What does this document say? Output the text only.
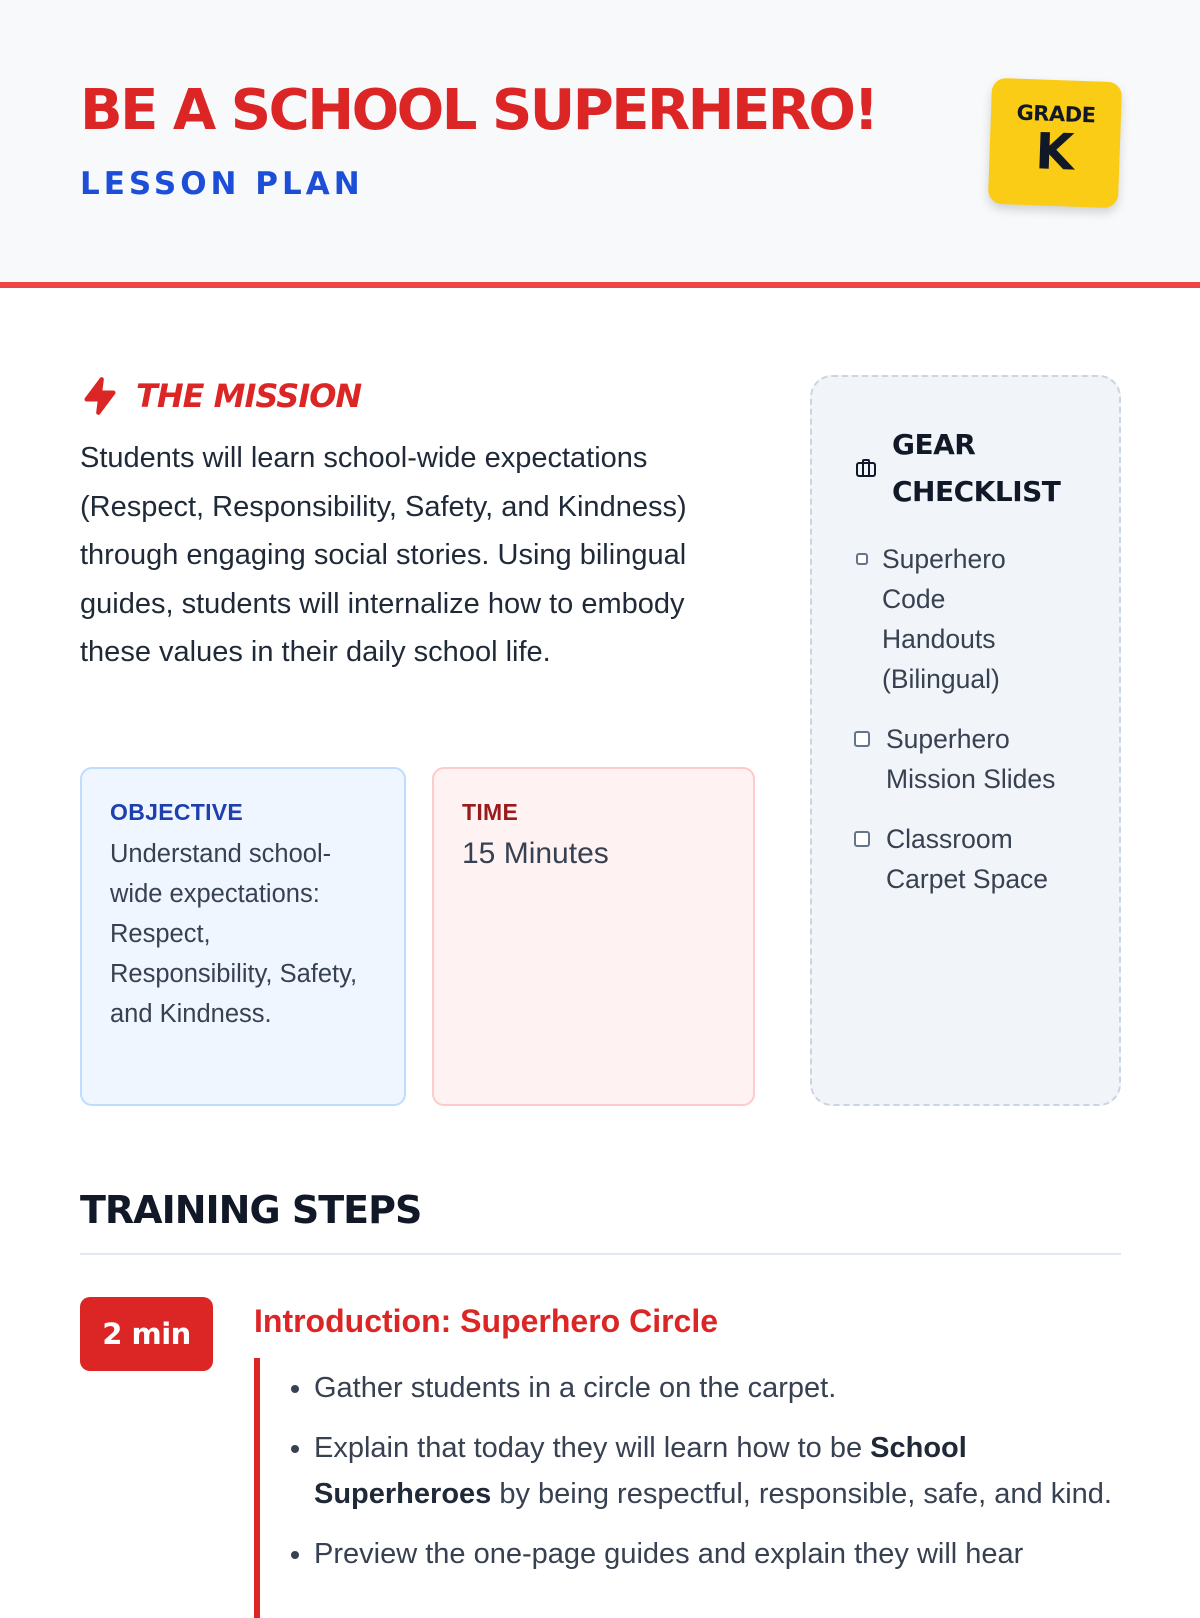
BE A SCHOOL SUPERHERO!
LESSON PLAN
GRADE
K
THE MISSION

Students will learn school-wide expectations (Respect, Responsibility, Safety, and Kindness) through engaging social stories. Using bilingual guides, students will internalize how to embody these values in their daily school life.

OBJECTIVE
Understand school-wide expectations: Respect, Responsibility, Safety, and Kindness.
TIME
15 Minutes
GEAR CHECKLIST
Superhero Code Handouts (Bilingual)
Superhero Mission Slides
Classroom Carpet Space
TRAINING STEPS
2 min	Introduction: Superhero Circle
• Gather students in a circle on the carpet.
• Explain that today they will learn how to be School Superheroes by being respectful, responsible, safe, and kind.
• Preview the one-page guides and explain they will hear
